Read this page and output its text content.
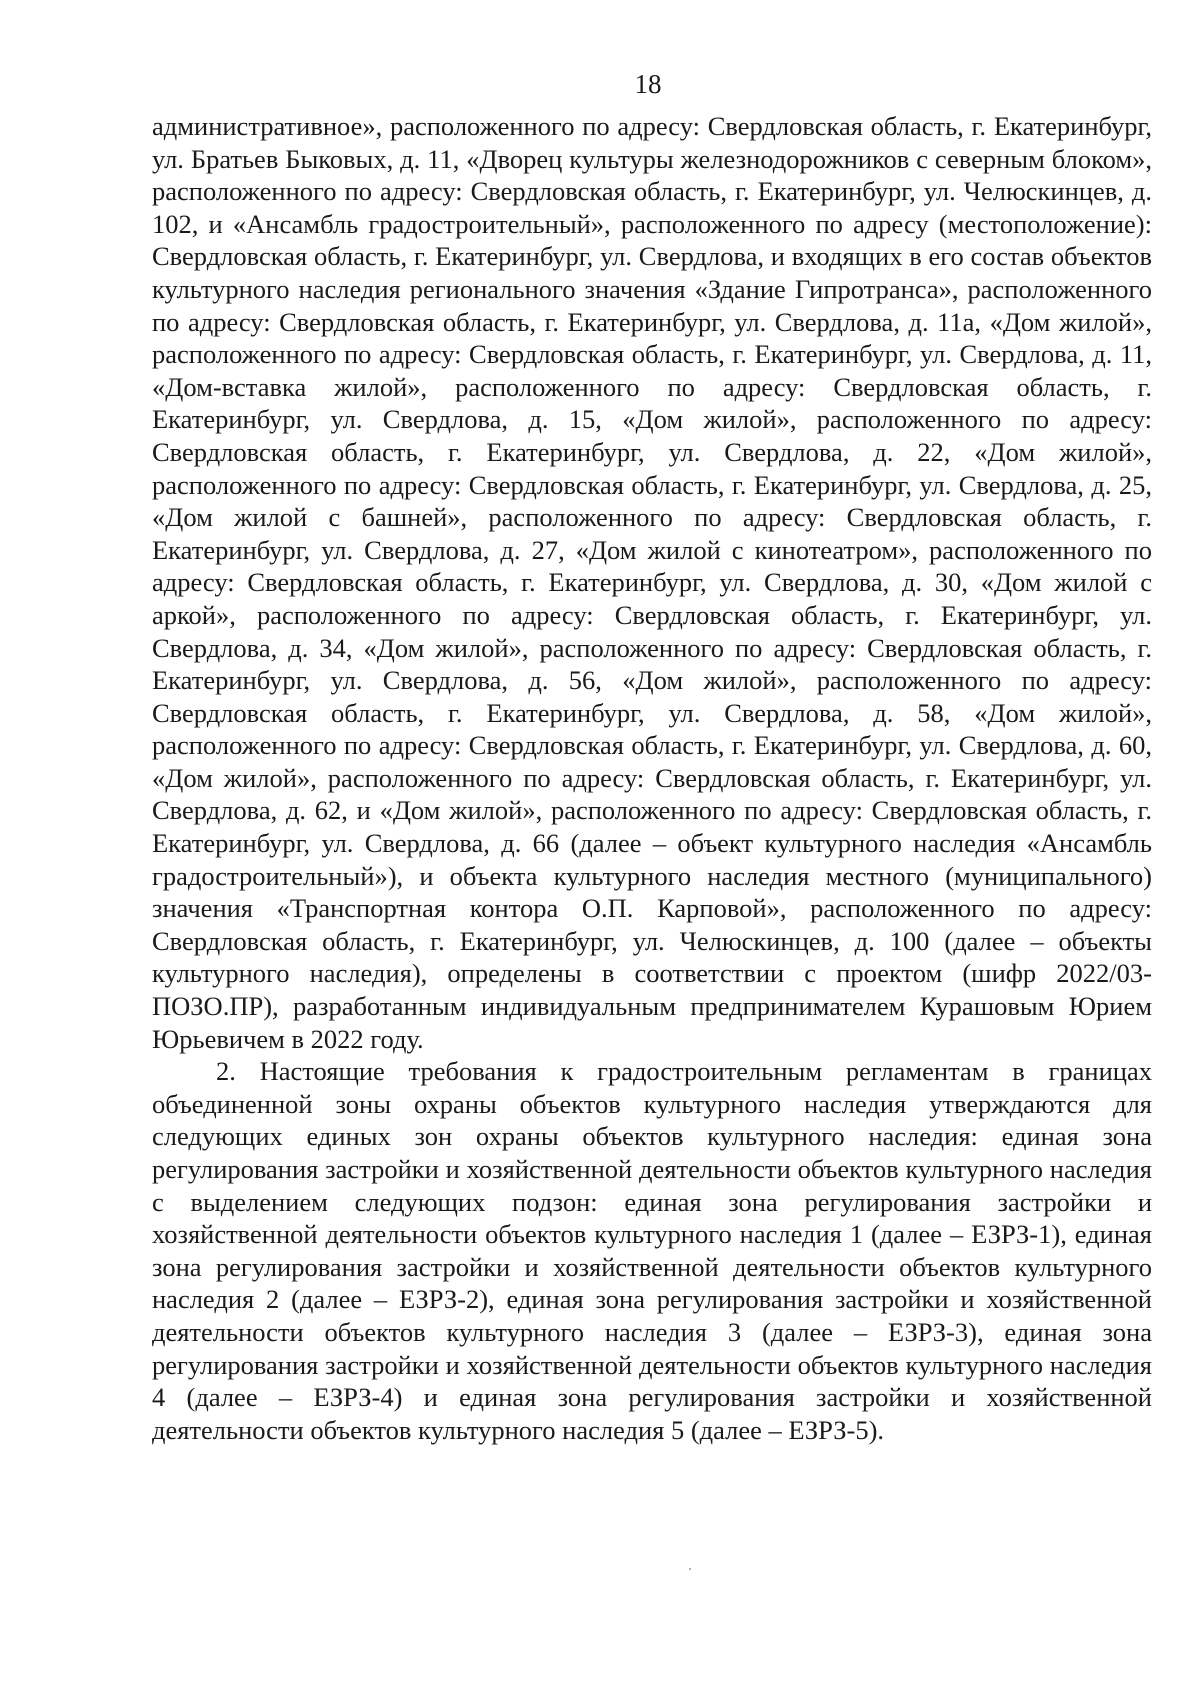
18

административное», расположенного по адресу: Свердловская область, г. Екатеринбург, ул. Братьев Быковых, д. 11, «Дворец культуры железнодорожников с северным блоком», расположенного по адресу: Свердловская область, г. Екатеринбург, ул. Челюскинцев, д. 102, и «Ансамбль градостроительный», расположенного по адресу (местоположение): Свердловская область, г. Екатеринбург, ул. Свердлова, и входящих в его состав объектов культурного наследия регионального значения «Здание Гипротранса», расположенного по адресу: Свердловская область, г. Екатеринбург, ул. Свердлова, д. 11а, «Дом жилой», расположенного по адресу: Свердловская область, г. Екатеринбург, ул. Свердлова, д. 11, «Дом-вставка жилой», расположенного по адресу: Свердловская область, г. Екатеринбург, ул. Свердлова, д. 15, «Дом жилой», расположенного по адресу: Свердловская область, г. Екатеринбург, ул. Свердлова, д. 22, «Дом жилой», расположенного по адресу: Свердловская область, г. Екатеринбург, ул. Свердлова, д. 25, «Дом жилой с башней», расположенного по адресу: Свердловская область, г. Екатеринбург, ул. Свердлова, д. 27, «Дом жилой с кинотеатром», расположенного по адресу: Свердловская область, г. Екатеринбург, ул. Свердлова, д. 30, «Дом жилой с аркой», расположенного по адресу: Свердловская область, г. Екатеринбург, ул. Свердлова, д. 34, «Дом жилой», расположенного по адресу: Свердловская область, г. Екатеринбург, ул. Свердлова, д. 56, «Дом жилой», расположенного по адресу: Свердловская область, г. Екатеринбург, ул. Свердлова, д. 58, «Дом жилой», расположенного по адресу: Свердловская область, г. Екатеринбург, ул. Свердлова, д. 60, «Дом жилой», расположенного по адресу: Свердловская область, г. Екатеринбург, ул. Свердлова, д. 62, и «Дом жилой», расположенного по адресу: Свердловская область, г. Екатеринбург, ул. Свердлова, д. 66 (далее – объект культурного наследия «Ансамбль градостроительный»), и объекта культурного наследия местного (муниципального) значения «Транспортная контора О.П. Карповой», расположенного по адресу: Свердловская область, г. Екатеринбург, ул. Челюскинцев, д. 100 (далее – объекты культурного наследия), определены в соответствии с проектом (шифр 2022/03-ПОЗО.ПР), разработанным индивидуальным предпринимателем Курашовым Юрием Юрьевичем в 2022 году.

2. Настоящие требования к градостроительным регламентам в границах объединенной зоны охраны объектов культурного наследия утверждаются для следующих единых зон охраны объектов культурного наследия: единая зона регулирования застройки и хозяйственной деятельности объектов культурного наследия с выделением следующих подзон: единая зона регулирования застройки и хозяйственной деятельности объектов культурного наследия 1 (далее – ЕЗРЗ-1), единая зона регулирования застройки и хозяйственной деятельности объектов культурного наследия 2 (далее – ЕЗРЗ-2), единая зона регулирования застройки и хозяйственной деятельности объектов культурного наследия 3 (далее – ЕЗРЗ-3), единая зона регулирования застройки и хозяйственной деятельности объектов культурного наследия 4 (далее – ЕЗРЗ-4) и единая зона регулирования застройки и хозяйственной деятельности объектов культурного наследия 5 (далее – ЕЗРЗ-5).
